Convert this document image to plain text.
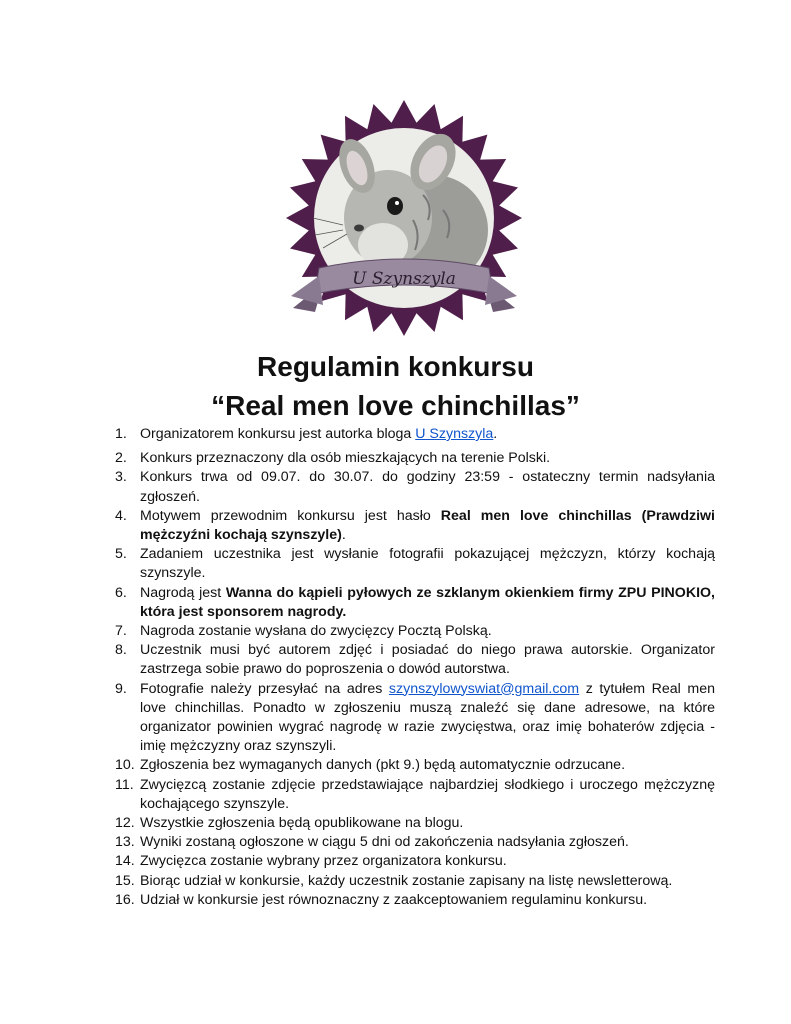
U Szynszyla
Regulamin konkursu
“Real men love chinchillas”
1. Organizatorem konkursu jest autorka bloga U Szynszyla.
2. Konkurs przeznaczony dla osób mieszkających na terenie Polski.
3. Konkurs trwa od 09.07. do 30.07. do godziny 23:59 - ostateczny termin nadsyłania zgłoszeń.
4. Motywem przewodnim konkursu jest hasło Real men love chinchillas (Prawdziwi mężczyźni kochają szynszyle).
5. Zadaniem uczestnika jest wysłanie fotografii pokazującej mężczyzn, którzy kochają szynszyle.
6. Nagrodą jest Wanna do kąpieli pyłowych ze szklanym okienkiem firmy ZPU PINOKIO, która jest sponsorem nagrody.
7. Nagroda zostanie wysłana do zwycięzcy Pocztą Polską.
8. Uczestnik musi być autorem zdjęć i posiadać do niego prawa autorskie. Organizator zastrzega sobie prawo do poproszenia o dowód autorstwa.
9. Fotografie należy przesyłać na adres szynszylowyswiat@gmail.com z tytułem Real men love chinchillas. Ponadto w zgłoszeniu muszą znaleźć się dane adresowe, na które organizator powinien wygrać nagrodę w razie zwycięstwa, oraz imię bohaterów zdjęcia - imię mężczyzny oraz szynszyli.
10. Zgłoszenia bez wymaganych danych (pkt 9.) będą automatycznie odrzucane.
11. Zwycięzcą zostanie zdjęcie przedstawiające najbardziej słodkiego i uroczego mężczyznę kochającego szynszyle.
12. Wszystkie zgłoszenia będą opublikowane na blogu.
13. Wyniki zostaną ogłoszone w ciągu 5 dni od zakończenia nadsyłania zgłoszeń.
14. Zwycięzca zostanie wybrany przez organizatora konkursu.
15. Biorąc udział w konkursie, każdy uczestnik zostanie zapisany na listę newsletterową.
16. Udział w konkursie jest równoznaczny z zaakceptowaniem regulaminu konkursu.
